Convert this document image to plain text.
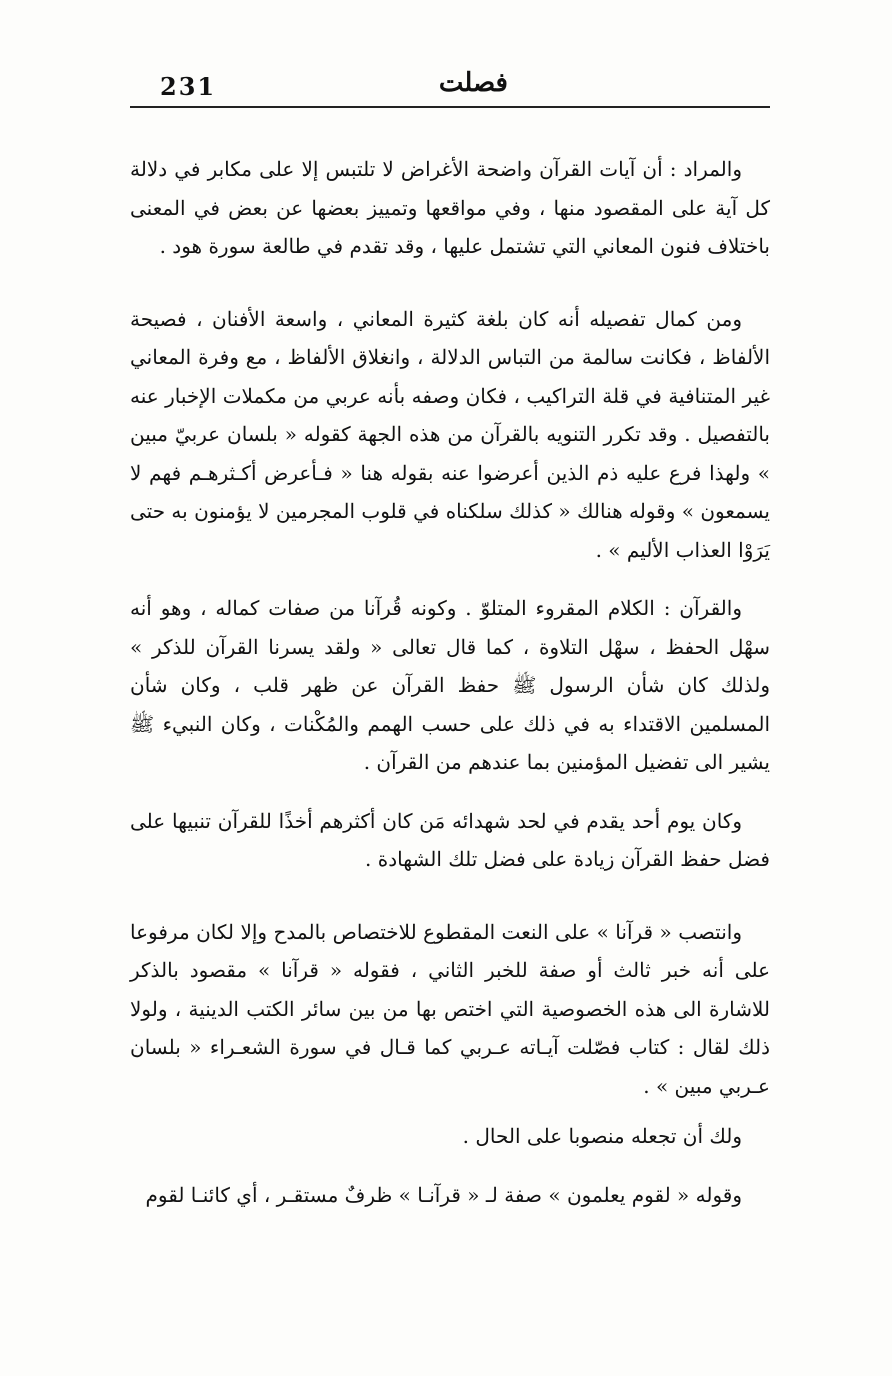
231	فصلت

والمراد : أن آيات القرآن واضحة الأغراض لا تلتبس إلا على مكابر في دلالة كل آية على المقصود منها ، وفي مواقعها وتمييز بعضها عن بعض في المعنى باختلاف فنون المعاني التي تشتمل عليها ، وقد تقدم في طالعة سورة هود .

ومن كمال تفصيله أنه كان بلغة كثيرة المعاني ، واسعة الأفنان ، فصيحة الألفاظ ، فكانت سالمة من التباس الدلالة ، وانغلاق الألفاظ ، مع وفرة المعاني غير المتنافية في قلة التراكيب ، فكان وصفه بأنه عربي من مكملات الإخبار عنه بالتفصيل . وقد تكرر التنويه بالقرآن من هذه الجهة كقوله « بلسان عربيّ مبين » ولهذا فرع عليه ذم الذين أعرضوا عنه بقوله هنا « فـأعرض أكـثرهـم فهم لا يسمعون » وقوله هنالك « كذلك سلكناه في قلوب المجرمين لا يؤمنون به حتى يَرَوْا العذاب الأليم » .

والقرآن : الكلام المقروء المتلوّ . وكونه قُرآنا من صفات كماله ، وهو أنه سهْل الحفظ ، سهْل التلاوة ، كما قال تعالى « ولقد يسرنا القرآن للذكر » ولذلك كان شأن الرسول ﷺ حفظ القرآن عن ظهر قلب ، وكان شأن المسلمين الاقتداء به في ذلك على حسب الهمم والمُكْنات ، وكان النبيء ﷺ يشير الى تفضيل المؤمنين بما عندهم من القرآن .

وكان يوم أحد يقدم في لحد شهدائه مَن كان أكثرهم أخذًا للقرآن تنبيها على فضل حفظ القرآن زيادة على فضل تلك الشهادة .

وانتصب « قرآنا » على النعت المقطوع للاختصاص بالمدح وإلا لكان مرفوعا على أنه خبر ثالث أو صفة للخبر الثاني ، فقوله « قرآنا » مقصود بالذكر للاشارة الى هذه الخصوصية التي اختص بها من بين سائر الكتب الدينية ، ولولا ذلك لقال : كتاب فصّلت آيـاته عـربي كما قـال في سورة الشعـراء « بلسان عـربي مبين » .

ولك أن تجعله منصوبا على الحال .

وقوله « لقوم يعلمون » صفة لـ « قرآنـا » ظرفٌ مستقـر ، أي كائنـا لقوم
